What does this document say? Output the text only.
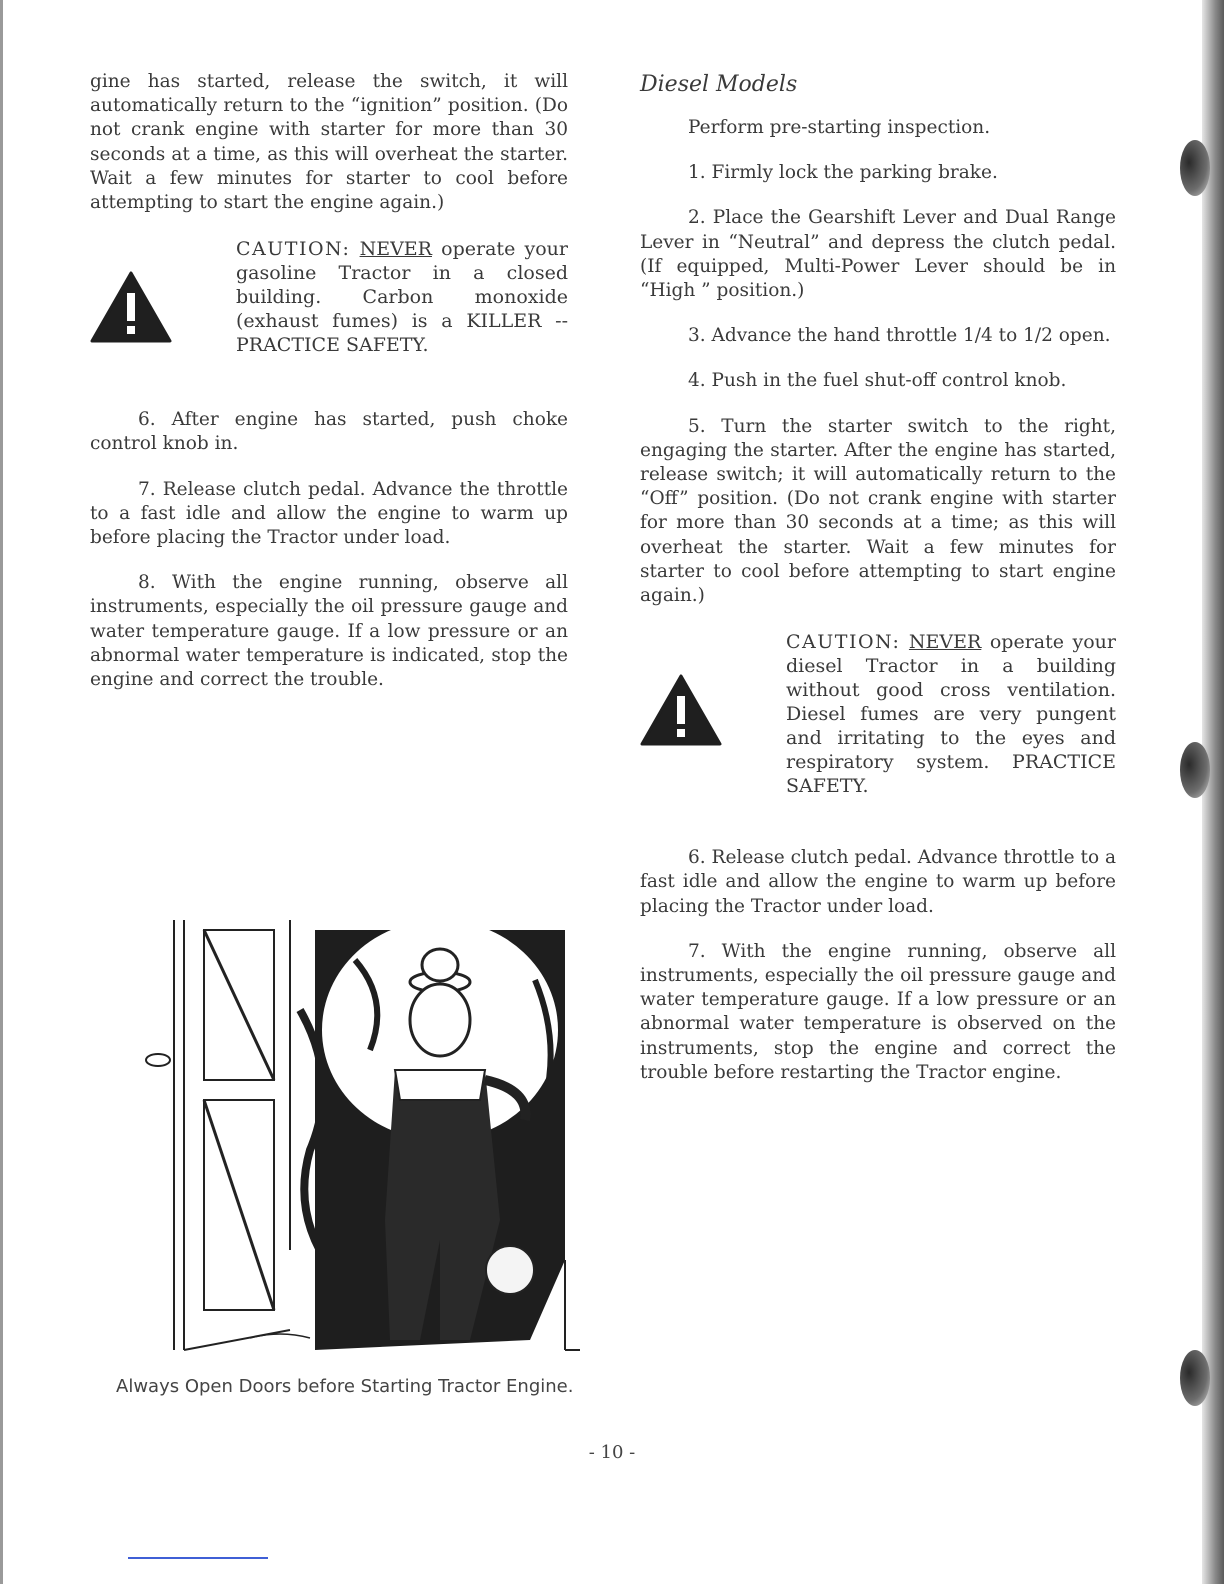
gine has started, release the switch, it will automatically return to the “ignition” position. (Do not crank engine with starter for more than 30 seconds at a time, as this will overheat the starter. Wait a few minutes for starter to cool before attempting to start the engine again.)

CAUTION: NEVER operate your gasoline Tractor in a closed building. Carbon monoxide (exhaust fumes) is a KILLER -- PRACTICE SAFETY.

6. After engine has started, push choke control knob in.

7. Release clutch pedal. Advance the throttle to a fast idle and allow the engine to warm up before placing the Tractor under load.

8. With the engine running, observe all instruments, especially the oil pressure gauge and water temperature gauge. If a low pressure or an abnormal water temperature is indicated, stop the engine and correct the trouble.

Diesel Models

Perform pre-starting inspection.

1. Firmly lock the parking brake.

2. Place the Gearshift Lever and Dual Range Lever in “Neutral” and depress the clutch pedal. (If equipped, Multi-Power Lever should be in “High ” position.)

3. Advance the hand throttle 1/4 to 1/2 open.

4. Push in the fuel shut-off control knob.

5. Turn the starter switch to the right, engaging the starter. After the engine has started, release switch; it will automatically return to the “Off” position. (Do not crank engine with starter for more than 30 seconds at a time; as this will overheat the starter. Wait a few minutes for starter to cool before attempting to start engine again.)

CAUTION: NEVER operate your diesel Tractor in a building without good cross ventilation. Diesel fumes are very pungent and irritating to the eyes and respiratory system. PRACTICE SAFETY.

6. Release clutch pedal. Advance throttle to a fast idle and allow the engine to warm up before placing the Tractor under load.

7. With the engine running, observe all instruments, especially the oil pressure gauge and water temperature gauge. If a low pressure or an abnormal water temperature is observed on the instruments, stop the engine and correct the trouble before restarting the Tractor engine.

Always Open Doors before Starting Tractor Engine.
- 10 -
